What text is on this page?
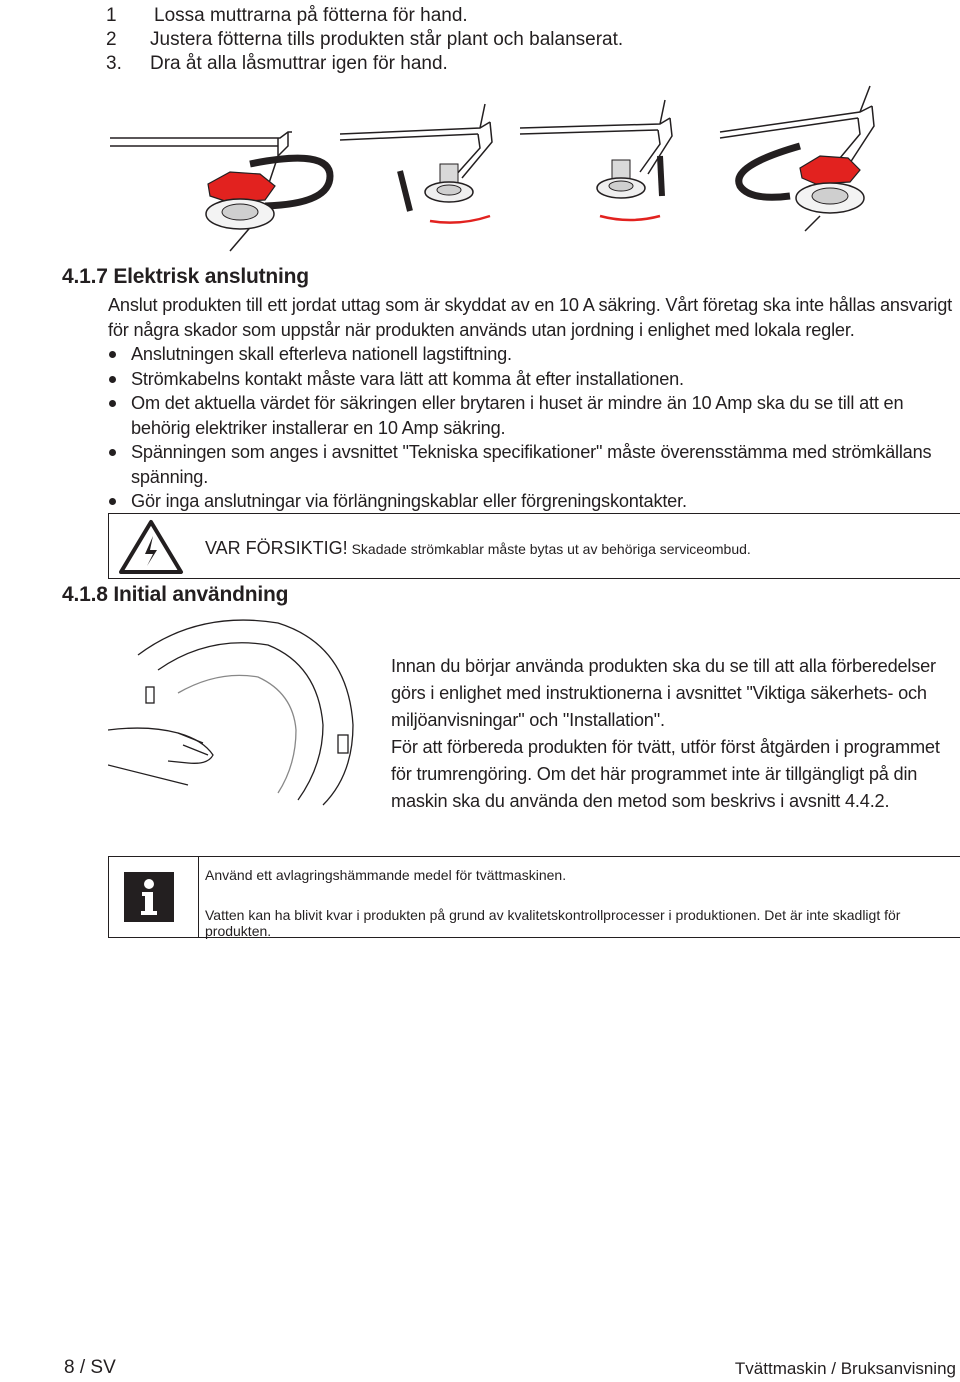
1	Lossa muttrarna på fötterna för hand.
2	Justera fötterna tills produkten står plant och balanserat.
3.	Dra åt alla låsmuttrar igen för hand.
4.1.7 Elektrisk anslutning

Anslut produkten till ett jordat uttag som är skyddat av en 10 A säkring. Vårt företag ska inte hållas ansvarigt för några skador som uppstår när produkten används utan jordning i enlighet med lokala regler.

Anslutningen skall efterleva nationell lagstiftning.
Strömkabelns kontakt måste vara lätt att komma åt efter installationen.
Om det aktuella värdet för säkringen eller brytaren i huset är mindre än 10 Amp ska du se till att en behörig elektriker installerar en 10 Amp säkring.
Spänningen som anges i avsnittet "Tekniska specifikationer" måste överensstämma med strömkällans spänning.
Gör inga anslutningar via förlängningskablar eller förgreningskontakter.
VAR FÖRSIKTIG! Skadade strömkablar måste bytas ut av behöriga serviceombud.
4.1.8 Initial användning

Innan du börjar använda produkten ska du se till att alla förberedelser görs i enlighet med instruktionerna i avsnittet "Viktiga säkerhets- och miljöanvisningar" och "Installation".

För att förbereda produkten för tvätt, utför först åtgärden i programmet för trumrengöring. Om det här programmet inte är tillgängligt på din maskin ska du använda den metod som beskrivs i avsnitt 4.4.2.

Använd ett avlagringshämmande medel för tvättmaskinen.
Vatten kan ha blivit kvar i produkten på grund av kvalitetskontrollprocesser i produktionen. Det är inte skadligt för produkten.
8 / SV	Tvättmaskin / Bruksanvisning
